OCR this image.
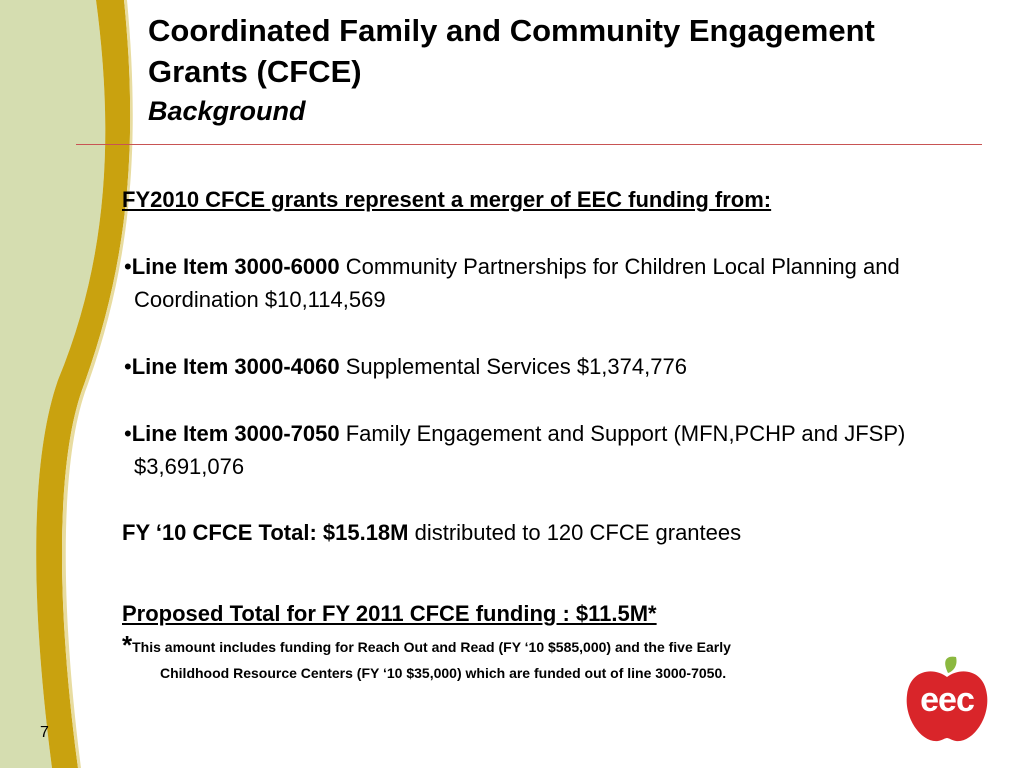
Coordinated Family and Community Engagement
Grants (CFCE)
Background
FY2010 CFCE grants represent a merger of EEC funding from:
•Line Item 3000-6000 Community Partnerships for Children Local Planning and Coordination $10,114,569
•Line Item 3000-4060 Supplemental Services $1,374,776
•Line Item 3000-7050 Family Engagement and Support (MFN,PCHP and JFSP) $3,691,076
FY ‘10 CFCE Total: $15.18M distributed to 120 CFCE grantees
Proposed Total for FY 2011 CFCE funding : $11.5M*
*This amount includes funding for Reach Out and Read (FY ‘10 $585,000) and the five Early
Childhood Resource Centers (FY ‘10 $35,000) which are funded out of line 3000-7050.
7
eec
